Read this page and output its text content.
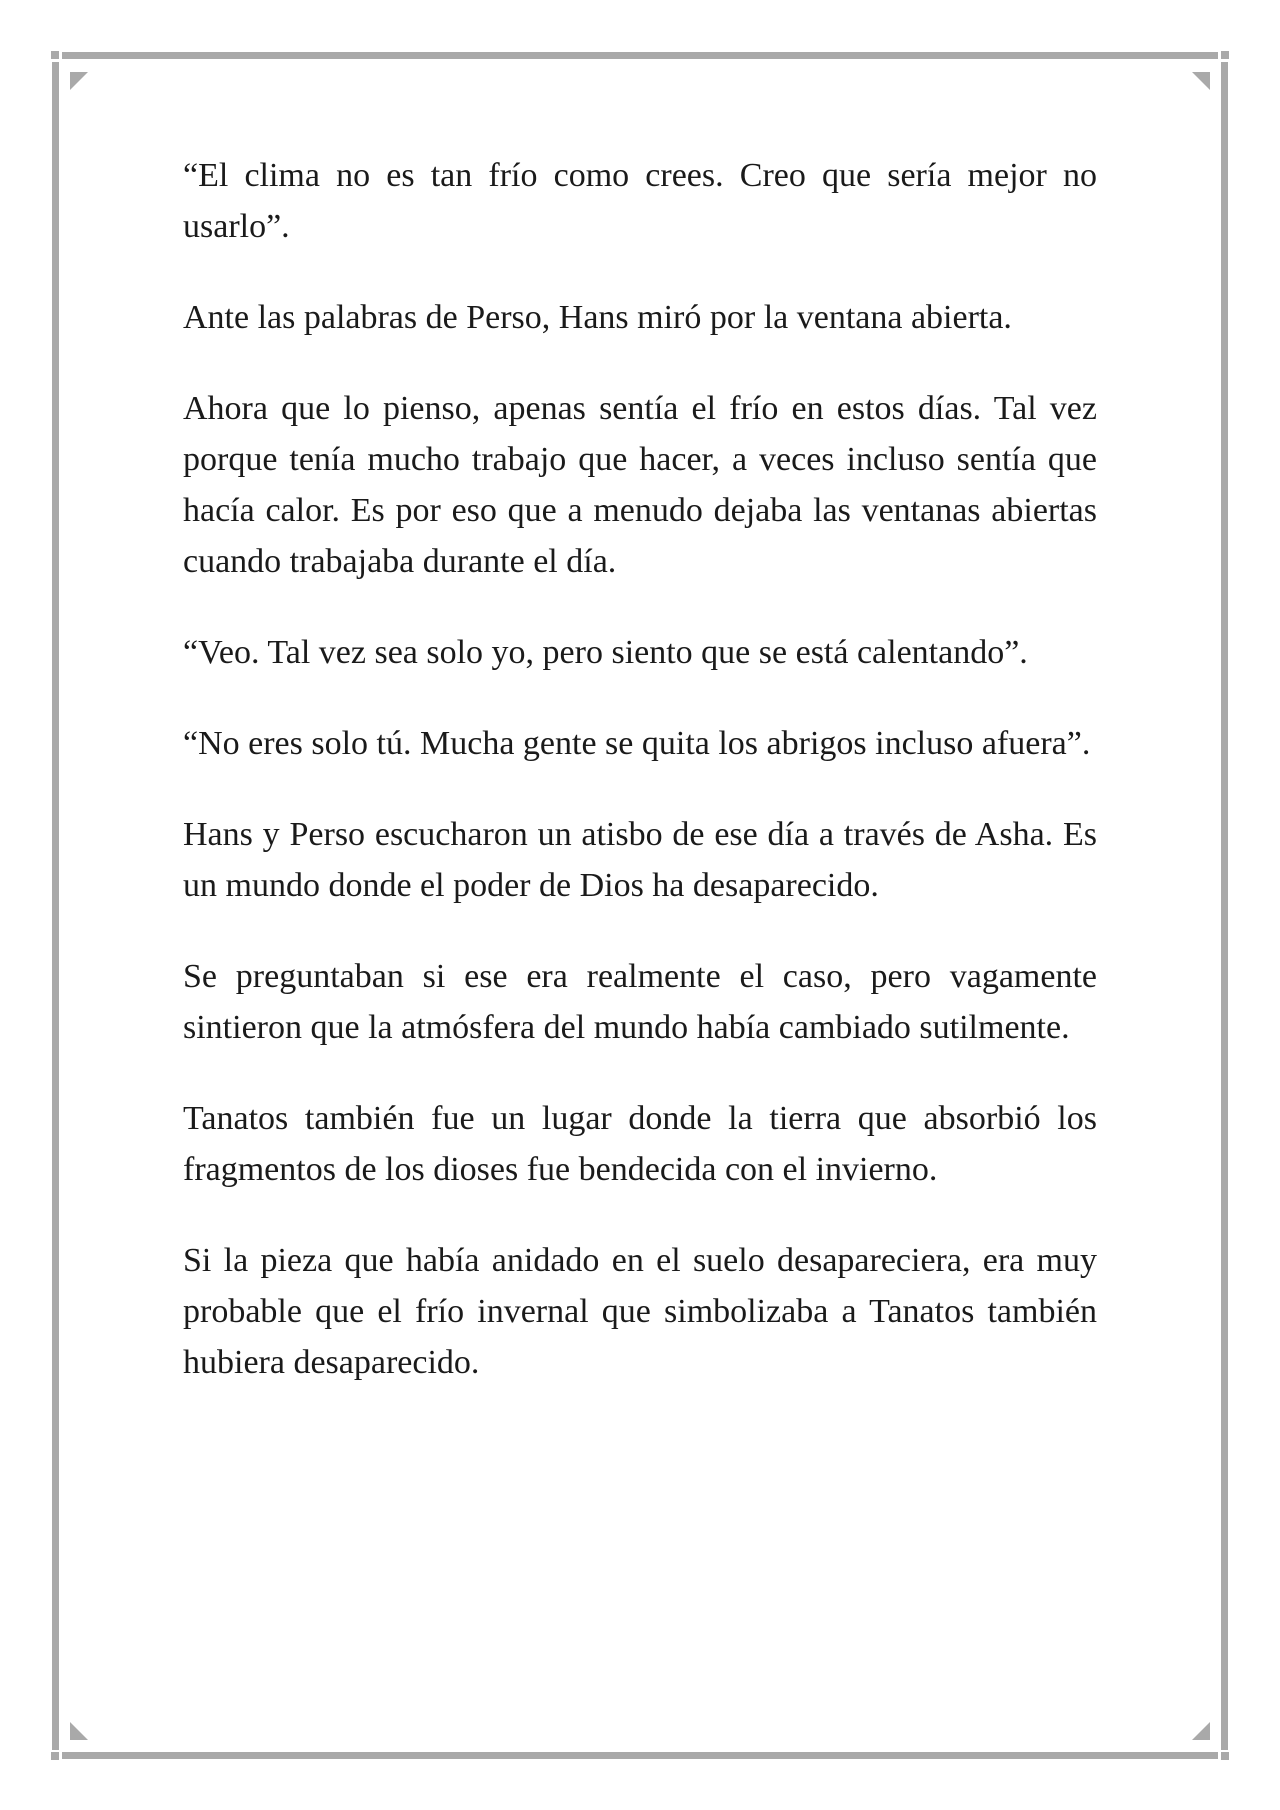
“El clima no es tan frío como crees. Creo que sería mejor no usarlo”.

Ante las palabras de Perso, Hans miró por la ventana abierta.

Ahora que lo pienso, apenas sentía el frío en estos días. Tal vez porque tenía mucho trabajo que hacer, a veces incluso sentía que hacía calor. Es por eso que a menudo dejaba las ventanas abiertas cuando trabajaba durante el día.

“Veo. Tal vez sea solo yo, pero siento que se está calentando”.

“No eres solo tú. Mucha gente se quita los abrigos incluso afuera”.

Hans y Perso escucharon un atisbo de ese día a través de Asha. Es un mundo donde el poder de Dios ha desaparecido.

Se preguntaban si ese era realmente el caso, pero vagamente sintieron que la atmósfera del mundo había cambiado sutilmente.

Tanatos también fue un lugar donde la tierra que absorbió los fragmentos de los dioses fue bendecida con el invierno.

Si la pieza que había anidado en el suelo desapareciera, era muy probable que el frío invernal que simbolizaba a Tanatos también hubiera desaparecido.
